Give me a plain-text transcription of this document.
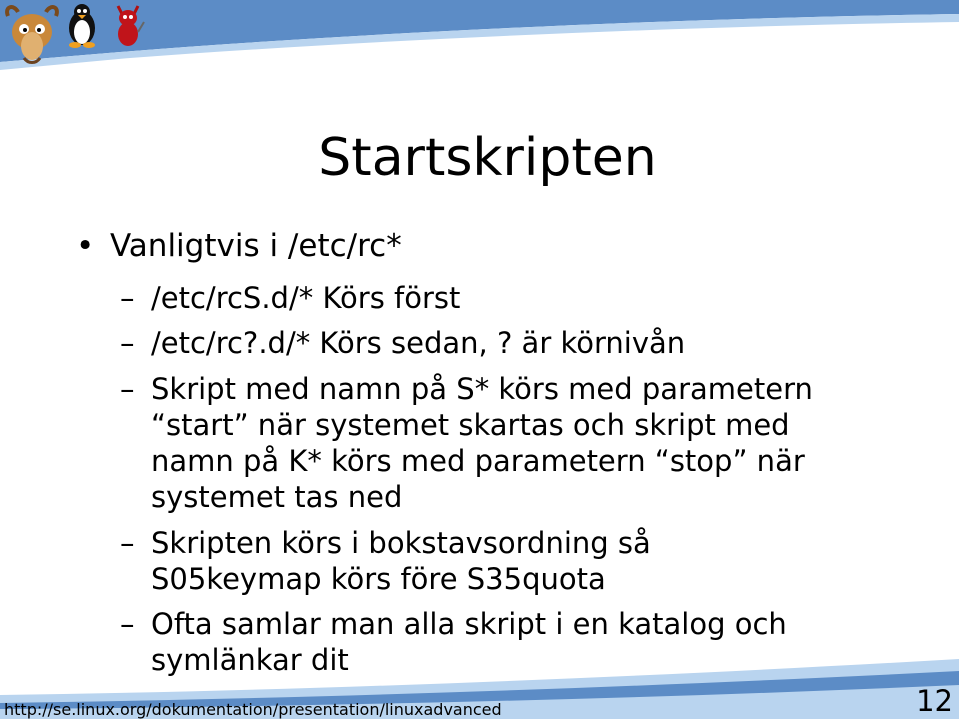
Startskripten
• Vanligtvis i /etc/rc*
– /etc/rcS.d/* Körs först
– /etc/rc?.d/* Körs sedan, ? är körnivån
– Skript med namn på S* körs med parametern
“start” när systemet skartas och skript med
namn på K* körs med parametern “stop” när
systemet tas ned
– Skripten körs i bokstavsordning så
S05keymap körs före S35quota
– Ofta samlar man alla skript i en katalog och
symlänkar dit
http://se.linux.org/dokumentation/presentation/linuxadvanced	12
